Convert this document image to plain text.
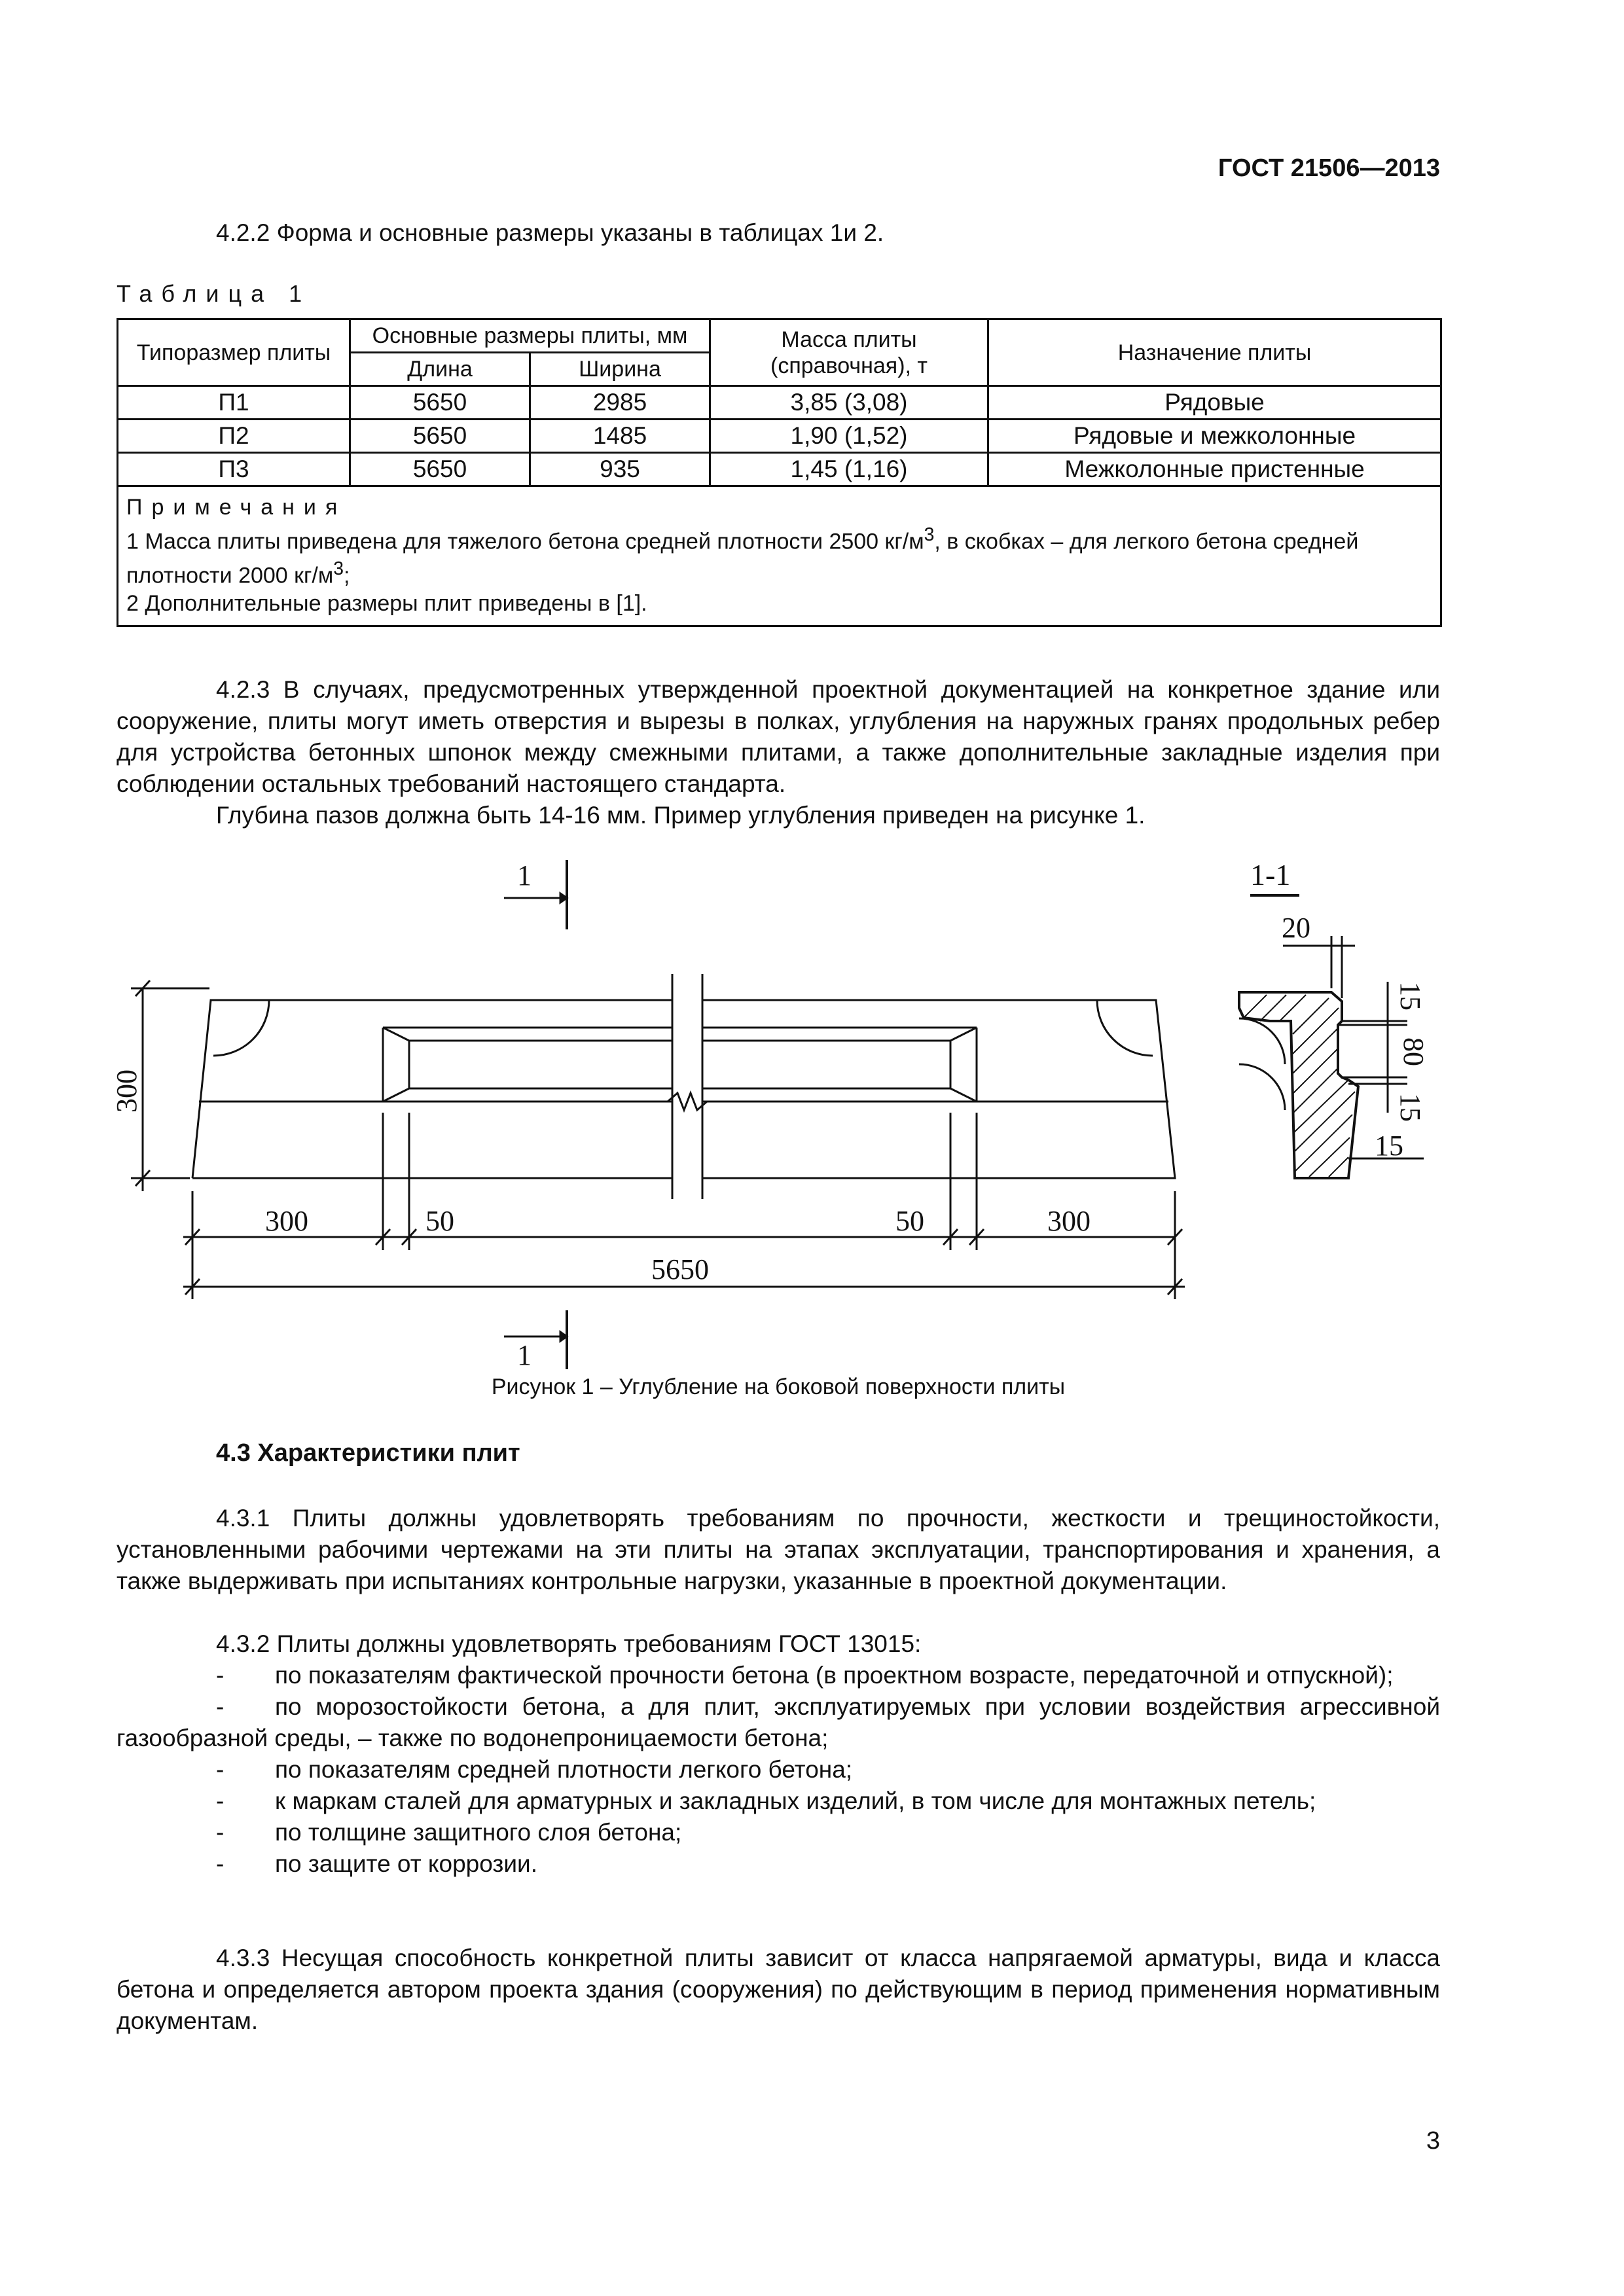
ГОСТ 21506—2013
4.2.2 Форма и основные размеры указаны в таблицах 1и 2.
Таблица 1
Типоразмер плиты	Основные размеры плиты, мм		Масса плиты (справочная), т	Назначение плиты
	Длина	Ширина		
П1	5650	2985	3,85 (3,08)	Рядовые
П2	5650	1485	1,90 (1,52)	Рядовые и межколонные
П3	5650	935	1,45 (1,16)	Межколонные пристенные

Примечания
1 Масса плиты приведена для тяжелого бетона средней плотности 2500 $кг/м^3$, в скобках – для легкого бетона средней плотности 2000 $кг/м^3$;
2 Дополнительные размеры плит приведены в [1].				
4.2.3 В случаях, предусмотренных утвержденной проектной документацией на конкретное здание или сооружение, плиты могут иметь отверстия и вырезы в полках, углубления на наружных гранях продольных ребер для устройства бетонных шпонок между смежными плитами, а также дополнительные закладные изделия при соблюдении остальных требований настоящего стандарта.
Глубина пазов должна быть 14-16 мм. Пример углубления приведен на рисунке 1.
1
1
1-1
300
300	50	50	300
5650
20
15
80
15
15
Рисунок 1 – Углубление на боковой поверхности плиты
4.3 Характеристики плит
4.3.1 Плиты должны удовлетворять требованиям по прочности, жесткости и трещиностойкости, установленными рабочими чертежами на эти плиты на этапах эксплуатации, транспортирования и хранения, а также выдерживать при испытаниях контрольные нагрузки, указанные в проектной документации.
4.3.2 Плиты должны удовлетворять требованиям ГОСТ 13015:
- по показателям фактической прочности бетона (в проектном возрасте, передаточной и отпускной);
- по морозостойкости бетона, а для плит, эксплуатируемых при условии воздействия агрессивной газообразной среды, – также по водонепроницаемости бетона;
- по показателям средней плотности легкого бетона;
- к маркам сталей для арматурных и закладных изделий, в том числе для монтажных петель;
- по толщине защитного слоя бетона;
- по защите от коррозии.
4.3.3 Несущая способность конкретной плиты зависит от класса напрягаемой арматуры, вида и класса бетона и определяется автором проекта здания (сооружения) по действующим в период применения нормативным документам.
3
